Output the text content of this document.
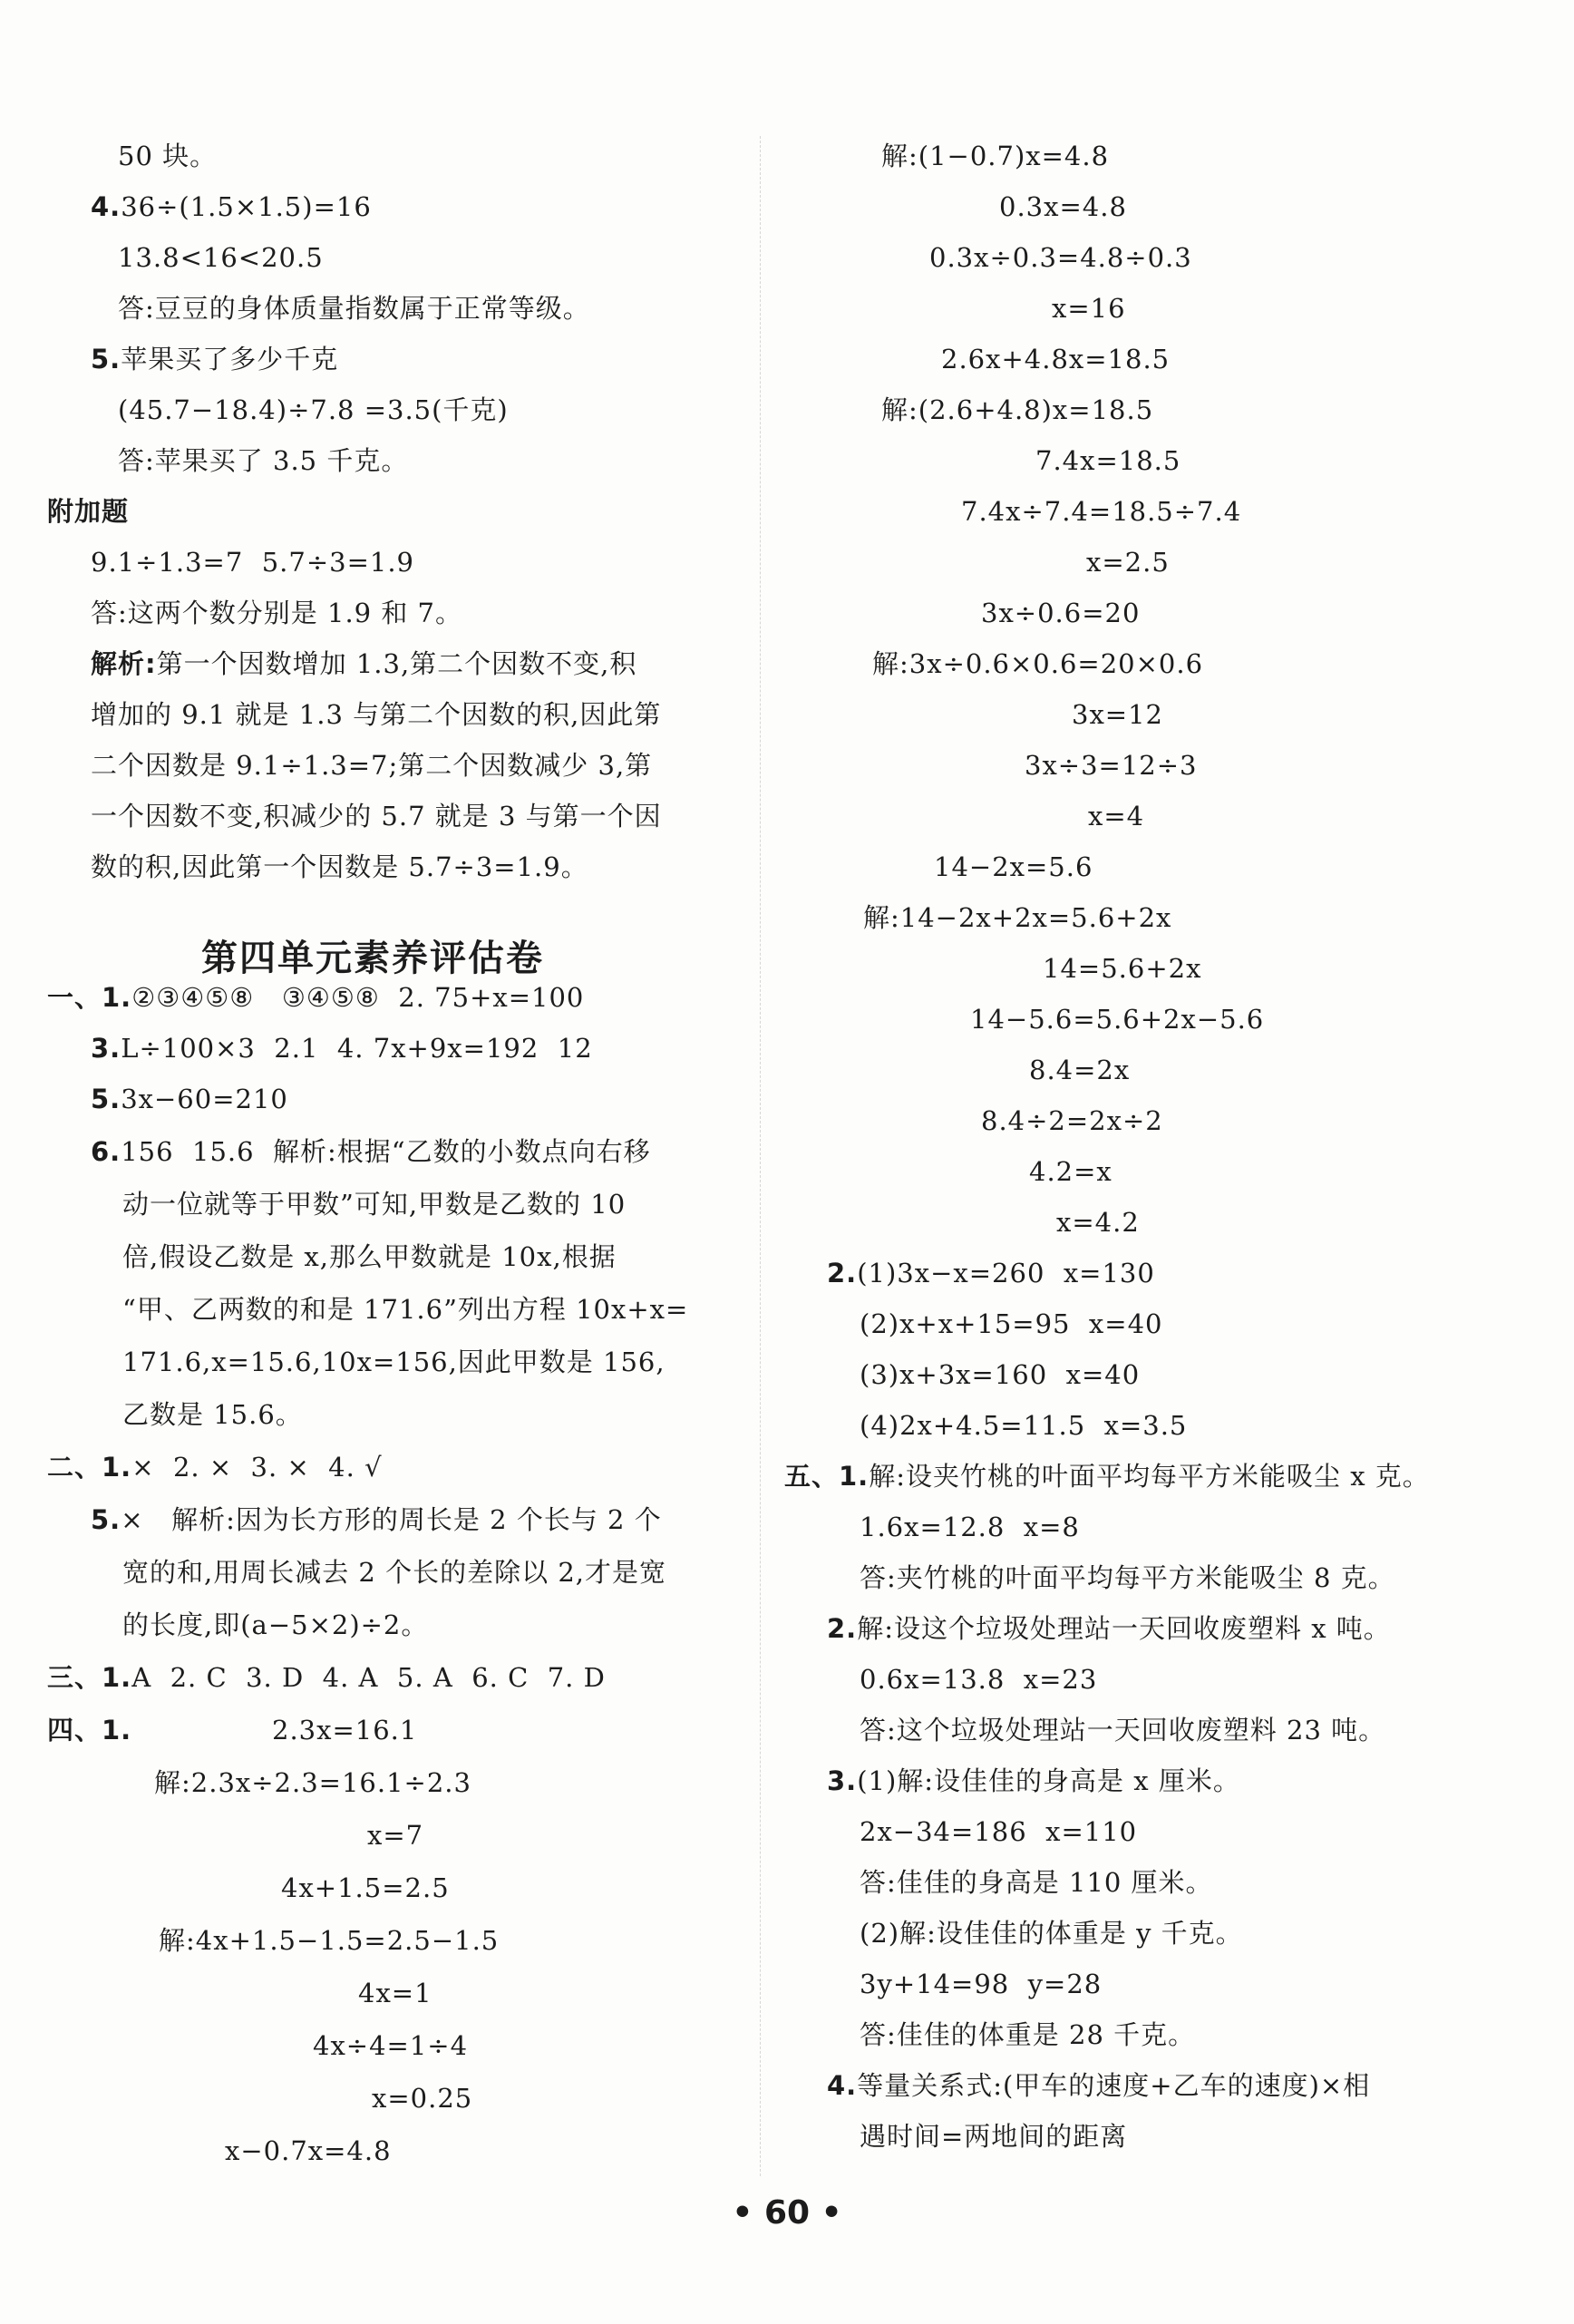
50 块。
4.36÷(1.5×1.5)=16
13.8<16<20.5
答:豆豆的身体质量指数属于正常等级。
5.苹果买了多少千克
(45.7−18.4)÷7.8 =3.5(千克)
答:苹果买了 3.5 千克。
附加题
9.1÷1.3=7  5.7÷3=1.9
答:这两个数分别是 1.9 和 7。
解析:第一个因数增加 1.3,第二个因数不变,积
增加的 9.1 就是 1.3 与第二个因数的积,因此第
二个因数是 9.1÷1.3=7;第二个因数减少 3,第
一个因数不变,积减少的 5.7 就是 3 与第一个因
数的积,因此第一个因数是 5.7÷3=1.9。
一、1.②③④⑤⑧   ③④⑤⑧  2. 75+x=100
3.L÷100×3  2.1  4. 7x+9x=192  12
5.3x−60=210
6.156  15.6  解析:根据“乙数的小数点向右移
动一位就等于甲数”可知,甲数是乙数的 10
倍,假设乙数是 x,那么甲数就是 10x,根据
“甲、乙两数的和是 171.6”列出方程 10x+x=
171.6,x=15.6,10x=156,因此甲数是 156,
乙数是 15.6。
二、1.×  2. ×  3. ×  4. √
5.×   解析:因为长方形的周长是 2 个长与 2 个
宽的和,用周长减去 2 个长的差除以 2,才是宽
的长度,即(a−5×2)÷2。
三、1.A  2. C  3. D  4. A  5. A  6. C  7. D
四、1.	2.3x=16.1
解:2.3x÷2.3=16.1÷2.3
x=7
4x+1.5=2.5
解:4x+1.5−1.5=2.5−1.5
4x=1
4x÷4=1÷4
x=0.25
x−0.7x=4.8
解:(1−0.7)x=4.8
0.3x=4.8
0.3x÷0.3=4.8÷0.3
x=16
2.6x+4.8x=18.5
解:(2.6+4.8)x=18.5
7.4x=18.5
7.4x÷7.4=18.5÷7.4
x=2.5
3x÷0.6=20
解:3x÷0.6×0.6=20×0.6
3x=12
3x÷3=12÷3
x=4
14−2x=5.6
解:14−2x+2x=5.6+2x
14=5.6+2x
14−5.6=5.6+2x−5.6
8.4=2x
8.4÷2=2x÷2
4.2=x
x=4.2
2.(1)3x−x=260  x=130
(2)x+x+15=95  x=40
(3)x+3x=160  x=40
(4)2x+4.5=11.5  x=3.5
五、1.解:设夹竹桃的叶面平均每平方米能吸尘 x 克。
1.6x=12.8  x=8
答:夹竹桃的叶面平均每平方米能吸尘 8 克。
2.解:设这个垃圾处理站一天回收废塑料 x 吨。
0.6x=13.8  x=23
答:这个垃圾处理站一天回收废塑料 23 吨。
3.(1)解:设佳佳的身高是 x 厘米。
2x−34=186  x=110
答:佳佳的身高是 110 厘米。
(2)解:设佳佳的体重是 y 千克。
3y+14=98  y=28
答:佳佳的体重是 28 千克。
4.等量关系式:(甲车的速度+乙车的速度)×相
遇时间=两地间的距离
第四单元素养评估卷
• 60 •
